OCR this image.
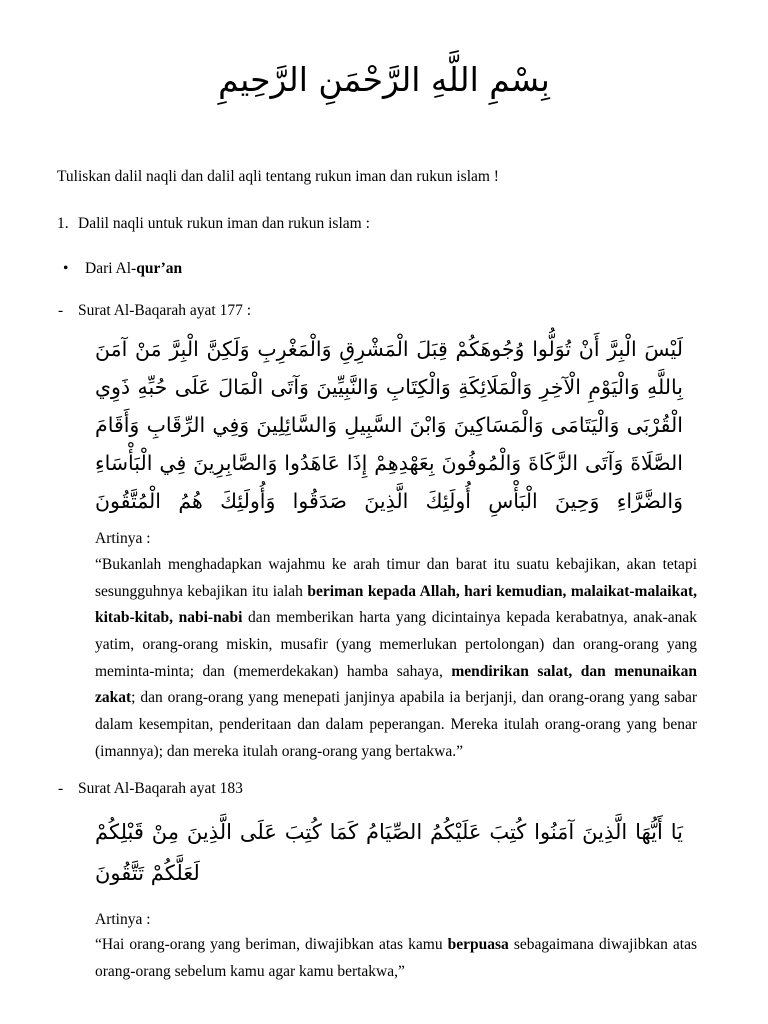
بِسْمِ اللَّهِ الرَّحْمَنِ الرَّحِيمِ
Tuliskan dalil naqli dan dalil aqli tentang rukun iman dan rukun islam !
1. Dalil naqli untuk rukun iman dan rukun islam :
• Dari Al-qur’an
- Surat Al-Baqarah ayat 177 :
لَيْسَ الْبِرَّ أَنْ تُوَلُّوا وُجُوهَكُمْ قِبَلَ الْمَشْرِقِ وَالْمَغْرِبِ وَلَكِنَّ الْبِرَّ مَنْ آمَنَ بِاللَّهِ وَالْيَوْمِ الْآخِرِ وَالْمَلَائِكَةِ وَالْكِتَابِ وَالنَّبِيِّينَ وَآتَى الْمَالَ عَلَى حُبِّهِ ذَوِي الْقُرْبَى وَالْيَتَامَى وَالْمَسَاكِينَ وَابْنَ السَّبِيلِ وَالسَّائِلِينَ وَفِي الرِّقَابِ وَأَقَامَ الصَّلَاةَ وَآتَى الزَّكَاةَ وَالْمُوفُونَ بِعَهْدِهِمْ إِذَا عَاهَدُوا وَالصَّابِرِينَ فِي الْبَأْسَاءِ وَالضَّرَّاءِ وَحِينَ الْبَأْسِ أُولَئِكَ الَّذِينَ صَدَقُوا وَأُولَئِكَ هُمُ الْمُتَّقُونَ
Artinya :
“Bukanlah menghadapkan wajahmu ke arah timur dan barat itu suatu kebajikan, akan tetapi sesungguhnya kebajikan itu ialah beriman kepada Allah, hari kemudian, malaikat-malaikat, kitab-kitab, nabi-nabi dan memberikan harta yang dicintainya kepada kerabatnya, anak-anak yatim, orang-orang miskin, musafir (yang memerlukan pertolongan) dan orang-orang yang meminta-minta; dan (memerdekakan) hamba sahaya, mendirikan salat, dan menunaikan zakat; dan orang-orang yang menepati janjinya apabila ia berjanji, dan orang-orang yang sabar dalam kesempitan, penderitaan dan dalam peperangan. Mereka itulah orang-orang yang benar (imannya); dan mereka itulah orang-orang yang bertakwa.”
- Surat Al-Baqarah ayat 183
يَا أَيُّهَا الَّذِينَ آمَنُوا كُتِبَ عَلَيْكُمُ الصِّيَامُ كَمَا كُتِبَ عَلَى الَّذِينَ مِنْ قَبْلِكُمْ لَعَلَّكُمْ تَتَّقُونَ
Artinya :
“Hai orang-orang yang beriman, diwajibkan atas kamu berpuasa sebagaimana diwajibkan atas orang-orang sebelum kamu agar kamu bertakwa,”
